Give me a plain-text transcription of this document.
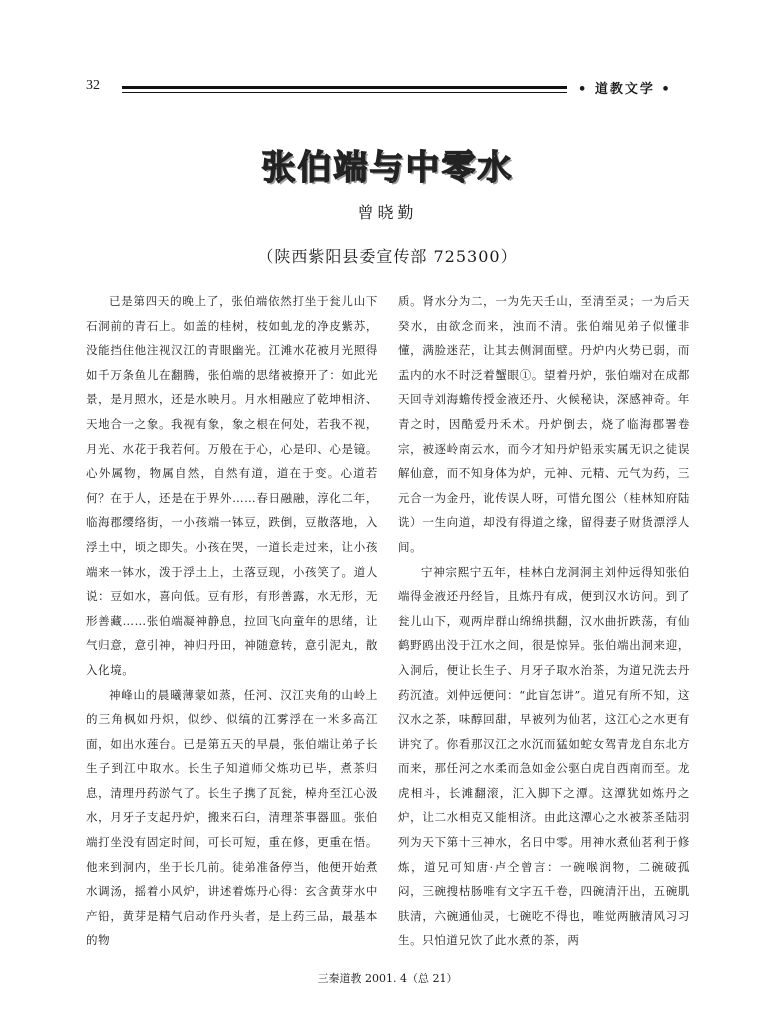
32	• 道教文学 •
张伯端与中零水
曾晓勤
（陕西紫阳县委宣传部 725300）

已是第四天的晚上了，张伯端依然打坐于瓮儿山下石洞前的青石上。如盖的桂树，枝如虬龙的净皮紫苏，没能挡住他注视汉江的青眼幽光。江滩水花被月光照得如千万条鱼儿在翻腾，张伯端的思绪被撩开了：如此光景，是月照水，还是水映月。月水相融应了乾坤相济、天地合一之象。我视有象，象之根在何处，若我不视，月光、水花于我若何。万般在于心，心是印、心是镜。心外属物，物属自然，自然有道，道在于变。心道若何？在于人，还是在于界外……春日融融，淳化二年，临海郡缨络街，一小孩端一钵豆，跌倒，豆散落地，入浮土中，顷之即失。小孩在哭，一道长走过来，让小孩端来一钵水，泼于浮土上，土落豆现，小孩笑了。道人说：豆如水，喜向低。豆有形，有形善露，水无形，无形善藏……张伯端凝神静息，拉回飞向童年的思绪，让气归意，意引神，神归丹田，神随意转，意引泥丸，散入化境。

神峰山的晨曦薄蒙如蒸，任河、汉江夹角的山岭上的三角枫如丹炽，似纱、似缟的江雾浮在一米多高江面，如出水莲台。已是第五天的早晨，张伯端让弟子长生子到江中取水。长生子知道师父炼功已毕，煮茶归息，清理丹药淤气了。长生子携了瓦瓮，棹舟至江心汲水，月牙子支起丹炉，搬来石臼，清理茶事器皿。张伯端打坐没有固定时间，可长可短，重在修，更重在悟。他来到洞内，坐于长几前。徒弟准备停当，他便开始煮水调汤，摇着小风炉，讲述着炼丹心得：玄含黄芽水中产铅，黄芽是精气启动作丹头者，是上药三品，最基本的物

质。肾水分为二，一为先天壬山，至清至灵；一为后天癸水，由欲念而来，浊而不清。张伯端见弟子似懂非懂，满脸迷茫，让其去侧洞面壁。丹炉内火势已弱，而盂内的水不时泛着蟹眼①。望着丹炉，张伯端对在成都天回寺刘海蟾传授金液还丹、火候秘诀，深感神奇。年青之时，因酷爱丹禾术。丹炉倒去，烧了临海郡署卷宗，被逐岭南云水，而今才知丹炉铅汞实属无识之徒误解仙意，而不知身体为炉，元神、元精、元气为药，三元合一为金丹，讹传误人呀，可惜允图公（桂林知府陆诜）一生向道，却没有得道之缘，留得妻子财货漂浮人间。

宁神宗熙宁五年，桂林白龙洞洞主刘仲远得知张伯端得金液还丹经旨，且炼丹有成，便到汉水访问。到了瓮儿山下，观两岸群山绵绵拱翻，汉水曲折跌荡，有仙鹤野鸥出没于江水之间，很是惊异。张伯端出洞来迎，入洞后，便让长生子、月牙子取水治茶，为道兄洗去丹药沉渣。刘仲远便问：“此盲怎讲”。道兄有所不知，这汉水之茶，味醇回甜，早被列为仙茗，这江心之水更有讲究了。你看那汉江之水沉而猛如蛇女驾青龙自东北方而来，那任河之水柔而急如金公驱白虎自西南而至。龙虎相斗，长滩翻滚，汇入脚下之潭。这潭犹如炼丹之炉，让二水相克又能相济。由此这潭心之水被茶圣陆羽列为天下第十三神水，名日中零。用神水煮仙茗利于修炼，道兄可知唐·卢仝曾言：一碗喉润物，二碗破孤闷，三碗搜枯肠唯有文字五千卷，四碗清汗出，五碗肌肤清，六碗通仙灵，七碗吃不得也，唯觉两腋清风习习生。只怕道兄饮了此水煮的茶，两

三秦道教 2001. 4（总 21）
